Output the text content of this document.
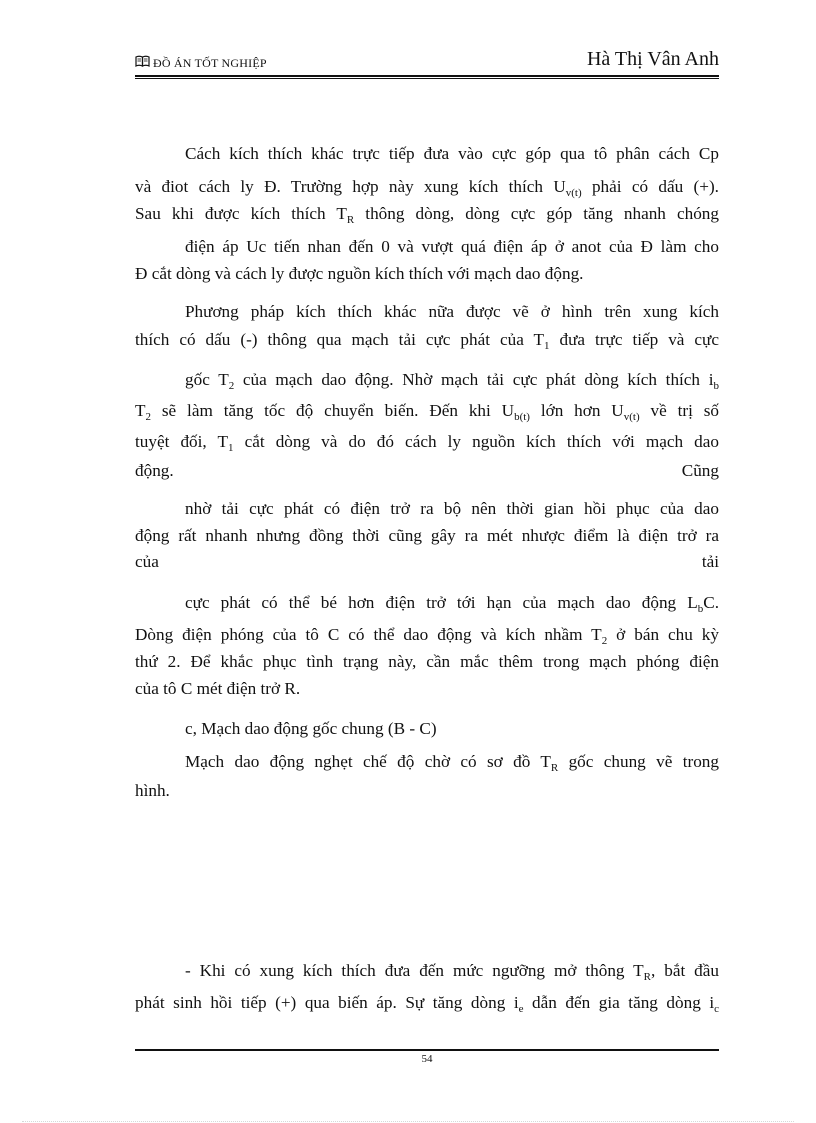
ĐỒ ÁN TỐT NGHIỆP	Hà Thị Vân Anh
Cách kích thích khác trực tiếp đưa vào cực góp qua tô phân cách Cp
và điot cách ly Đ. Trường hợp này xung kích thích $U_{v(t)}$ phải có dấu (+).
Sau khi được kích thích $T_R$ thông dòng, dòng cực góp tăng nhanh chóng
điện áp Uc tiến nhan đến 0 và vượt quá điện áp ở anot của Đ làm cho
Đ cắt dòng và cách ly được nguồn kích thích với mạch dao động.
Phương pháp kích thích khác nữa được vẽ ở hình trên xung kích
thích có dấu (-) thông qua mạch tải cực phát của $T_1$ đưa trực tiếp và cực
gốc $T_2$ của mạch dao động. Nhờ mạch tải cực phát dòng kích thích $i_b$
$T_2$ sẽ làm tăng tốc độ chuyển biến. Đến khi $U_{b(t)}$ lớn hơn $U_{v(t)}$ về trị số
tuyệt đối, $T_1$ cắt dòng và do đó cách ly nguồn kích thích với mạch dao
động.	Cũng
nhờ tải cực phát có điện trở ra bộ nên thời gian hồi phục của dao
động rất nhanh nhưng đồng thời cũng gây ra mét nhược điểm là điện trở ra
của	tải
cực phát có thể bé hơn điện trở tới hạn của mạch dao động $L_bC$.
Dòng điện phóng của tô C có thể dao động và kích nhầm $T_2$ ở bán chu kỳ
thứ 2. Để khắc phục tình trạng này, cần mắc thêm trong mạch phóng điện
của tô C mét điện trở R.
c, Mạch dao động gốc chung (B - C)
Mạch dao động nghẹt chế độ chờ có sơ đồ $T_R$ gốc chung vẽ trong
hình.
- Khi có xung kích thích đưa đến mức ngưỡng mở thông $T_R$, bắt đầu
phát sinh hồi tiếp (+) qua biến áp. Sự tăng dòng $i_e$ dẫn đến gia tăng dòng $i_c$
54
